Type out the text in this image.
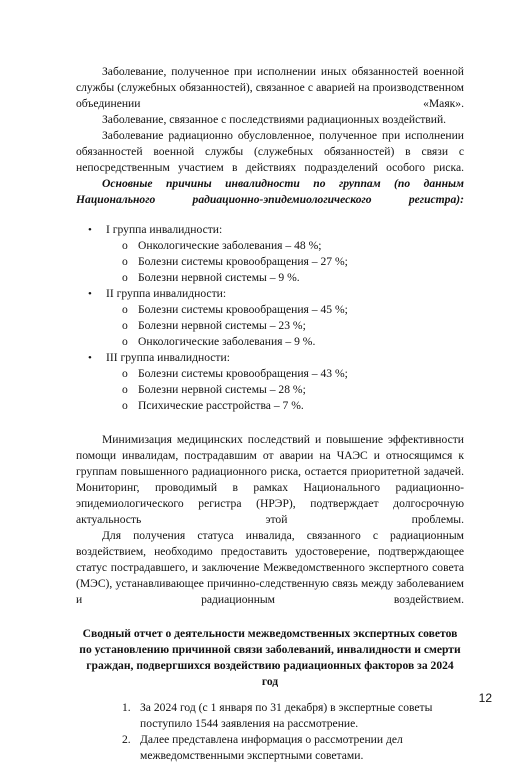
Заболевание, полученное при исполнении иных обязанностей военной службы (служебных обязанностей), связанное с аварией на производственном объединении «Маяк».

Заболевание, связанное с последствиями радиационных воздействий.

Заболевание радиационно обусловленное, полученное при исполнении обязанностей военной службы (служебных обязанностей) в связи с непосредственным участием в действиях подразделений особого риска.

Основные причины инвалидности по группам (по данным Национального радиационно-эпидемиологического регистра):

• I группа инвалидности:
o Онкологические заболевания – 48 %;
o Болезни системы кровообращения – 27 %;
o Болезни нервной системы – 9 %.
• II группа инвалидности:
o Болезни системы кровообращения – 45 %;
o Болезни нервной системы – 23 %;
o Онкологические заболевания – 9 %.
• III группа инвалидности:
o Болезни системы кровообращения – 43 %;
o Болезни нервной системы – 28 %;
o Психические расстройства – 7 %.

Минимизация медицинских последствий и повышение эффективности помощи инвалидам, пострадавшим от аварии на ЧАЭС и относящимся к группам повышенного радиационного риска, остается приоритетной задачей. Мониторинг, проводимый в рамках Национального радиационно-эпидемиологического регистра (НРЭР), подтверждает долгосрочную актуальность этой проблемы.

Для получения статуса инвалида, связанного с радиационным воздействием, необходимо предоставить удостоверение, подтверждающее статус пострадавшего, и заключение Межведомственного экспертного совета (МЭС), устанавливающее причинно-следственную связь между заболеванием и радиационным воздействием.

Сводный отчет о деятельности межведомственных экспертных советов по установлению причинной связи заболеваний, инвалидности и смерти граждан, подвергшихся воздействию радиационных факторов за 2024 год

1. За 2024 год (с 1 января по 31 декабря) в экспертные советы поступило 1544 заявления на рассмотрение.
2. Далее представлена информация о рассмотрении дел межведомственными экспертными советами.
12
